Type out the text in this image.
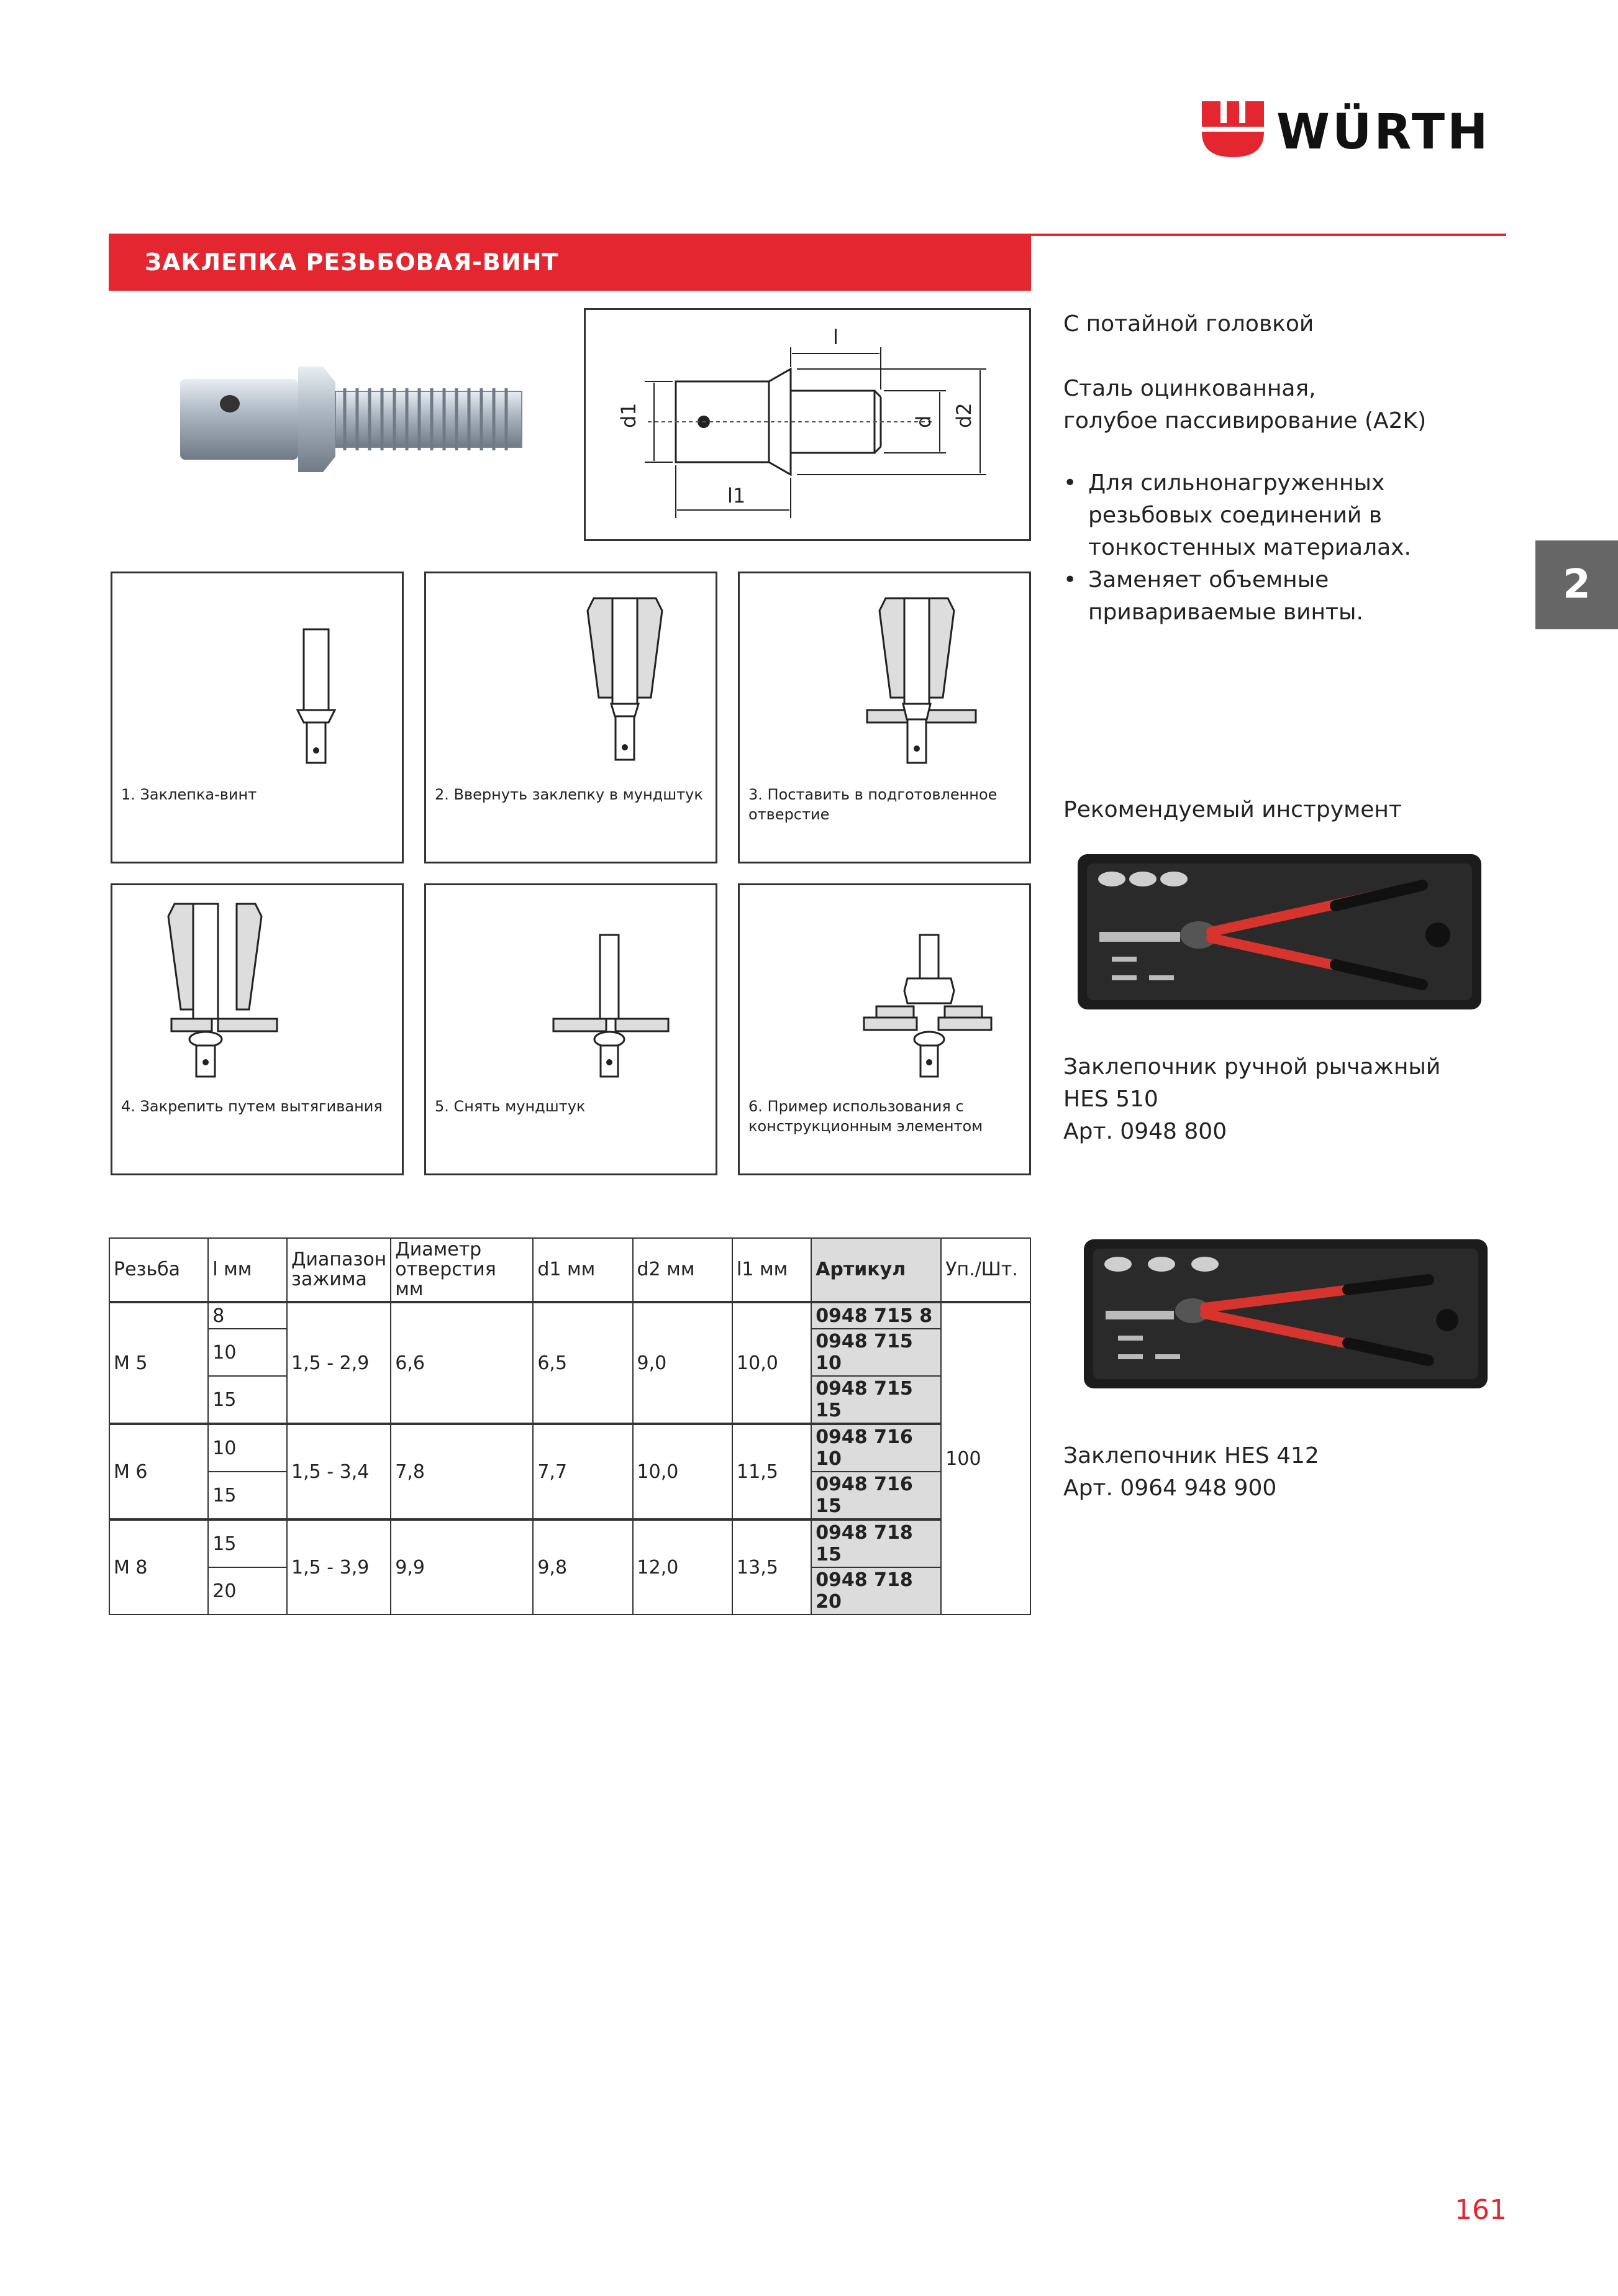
WÜRTH
ЗАКЛЕПКА РЕЗЬБОВАЯ-ВИНТ
l
d1	d d2
l1
1. Заклепка-винт	2. Ввернуть заклепку в мундштук	3. Поставить в подготовленное отверстие
4. Закрепить путем вытягивания	5. Снять мундштук	6. Пример использования с конструкционным элементом
С потайной головкой
Сталь оцинкованная,
голубое пассивирование (A2K)
• Для сильнонагруженных резьбовых соединений в тонкостенных материалах.
• Заменяет объемные привариваемые винты.
2
Рекомендуемый инструмент
Заклепочник ручной рычажный
HES 510
Арт. 0948 800
Заклепочник HES 412
Арт. 0964 948 900
Резьба	l мм	Диапазон зажима	Диаметр отверстия мм	d1 мм	d2 мм	l1 мм	Артикул	Уп./Шт.
M 5	8	1,5 - 2,9	6,6	6,5	9,0	10,0	0948 715 8	100
	10						0948 715 10	
	15						0948 715 15	
M 6	10	1,5 - 3,4	7,8	7,7	10,0	11,5	0948 716 10	
	15						0948 716 15	
M 8	15	1,5 - 3,9	9,9	9,8	12,0	13,5	0948 718 15	
	20						0948 718 20	
161
